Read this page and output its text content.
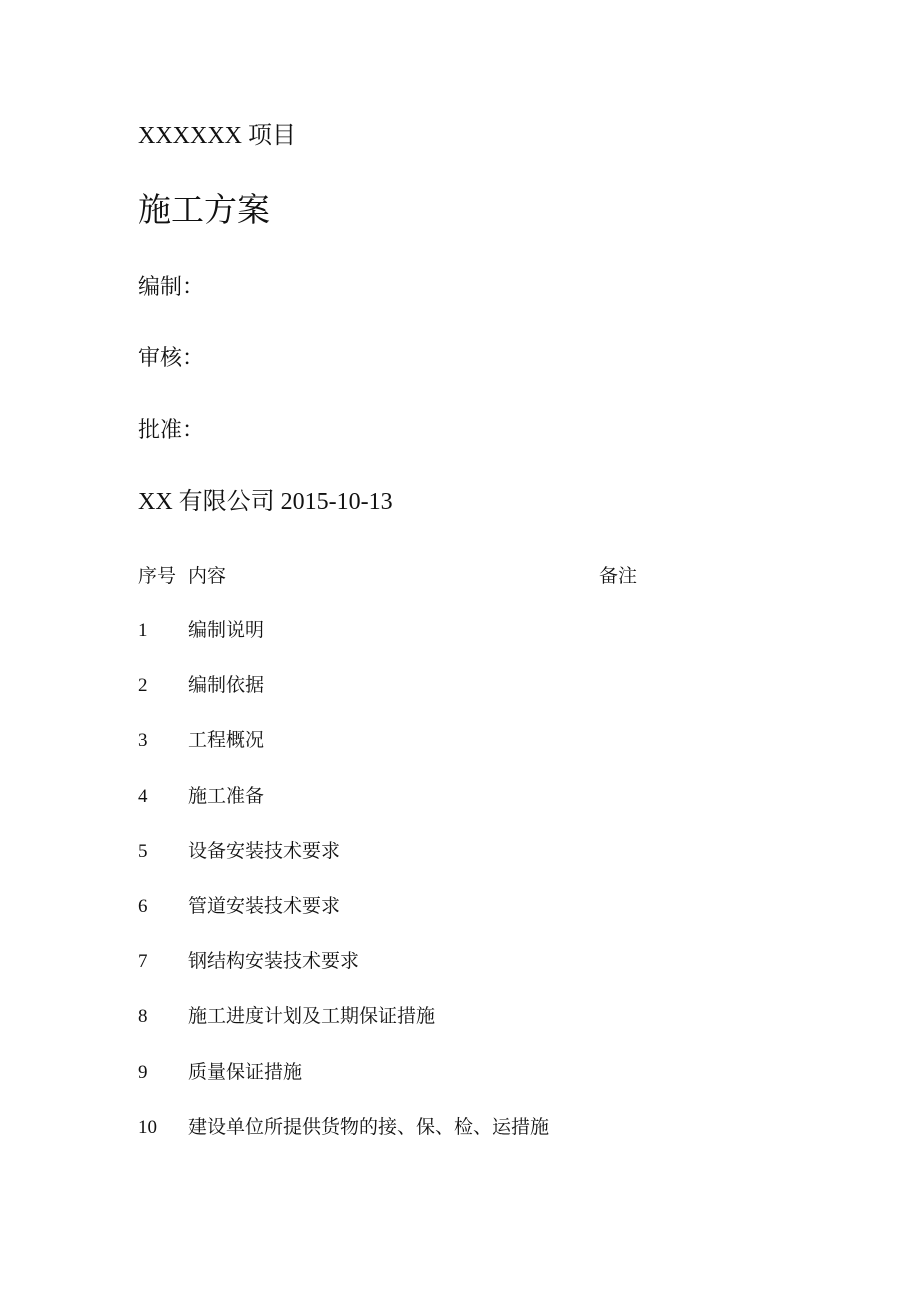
XXXXXX 项目
施工方案
编制：
审核：
批准：
XX 有限公司 2015-10-13
序号 内容	备注
1 编制说明
2 编制依据
3 工程概况
4 施工准备
5 设备安装技术要求
6 管道安装技术要求
7 钢结构安装技术要求
8 施工进度计划及工期保证措施
9 质量保证措施
10 建设单位所提供货物的接、保、检、运措施
